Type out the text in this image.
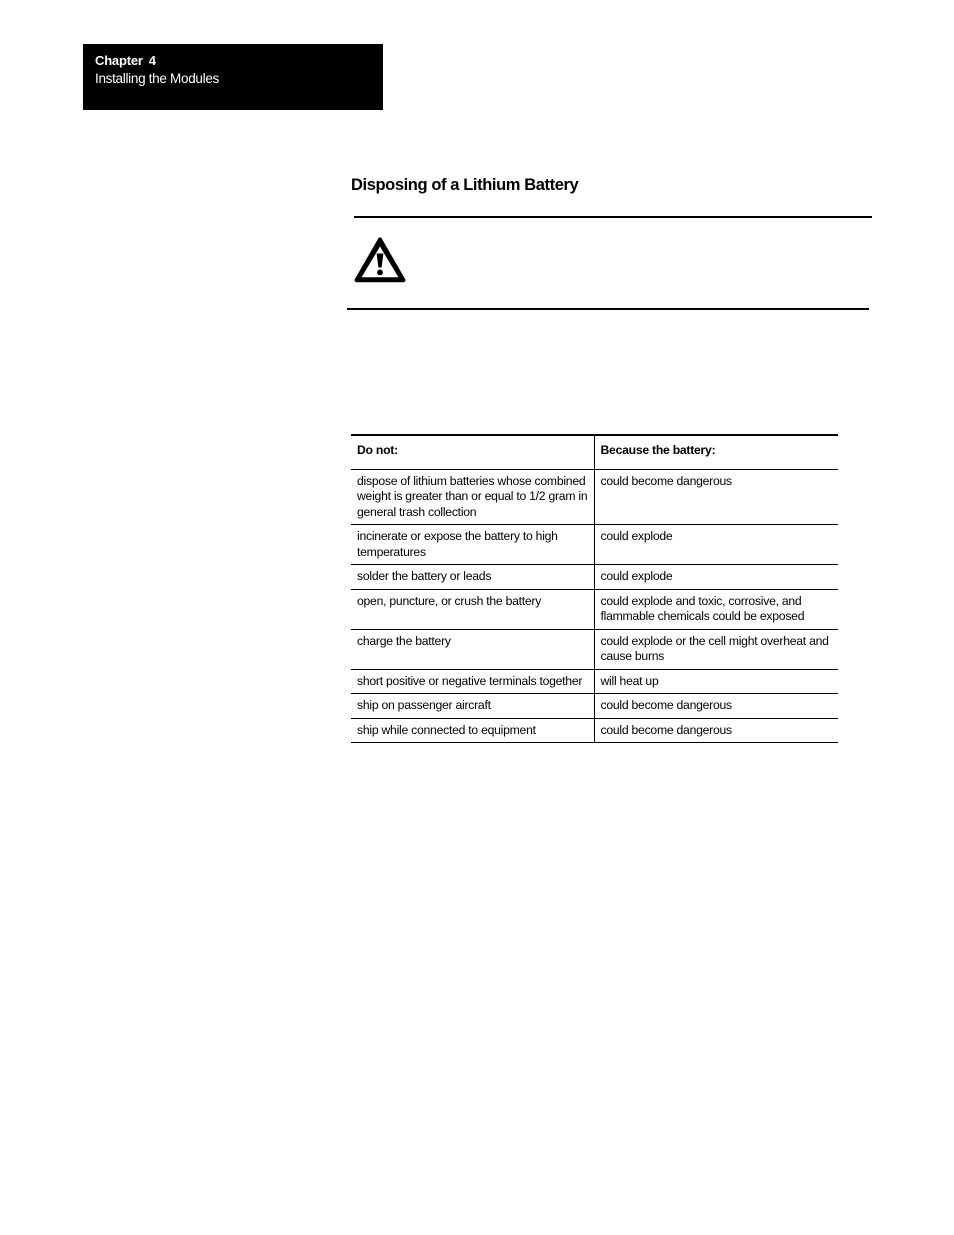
Chapter 4
Installing the Modules
Disposing of a Lithium Battery
Do not:	Because the battery:
dispose of lithium batteries whose combined weight is greater than or equal to 1/2 gram in general trash collection	could become dangerous
incinerate or expose the battery to high temperatures	could explode
solder the battery or leads	could explode
open, puncture, or crush the battery	could explode and toxic, corrosive, and flammable chemicals could be exposed
charge the battery	could explode or the cell might overheat and cause burns
short positive or negative terminals together	will heat up
ship on passenger aircraft	could become dangerous
ship while connected to equipment	could become dangerous
